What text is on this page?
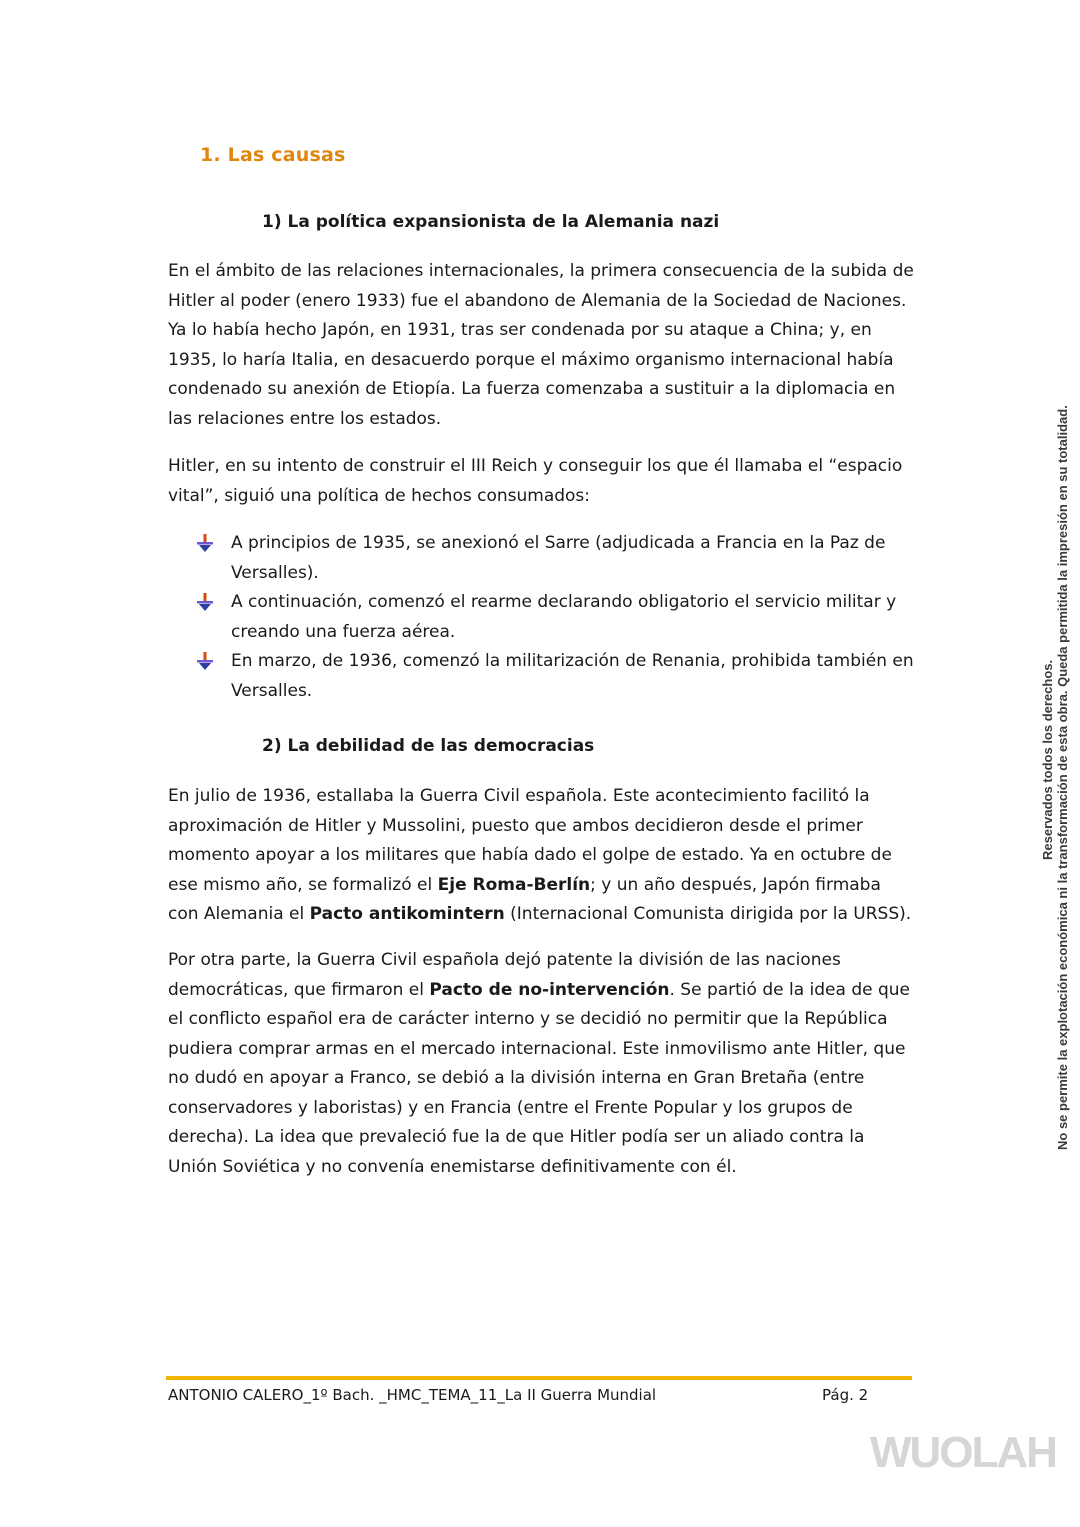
1. Las causas
1) La política expansionista de la Alemania nazi
En el ámbito de las relaciones internacionales, la primera consecuencia de la subida de Hitler al poder (enero 1933) fue el abandono de Alemania de la Sociedad de Naciones. Ya lo había hecho Japón, en 1931, tras ser condenada por su ataque a China; y, en 1935, lo haría Italia, en desacuerdo porque el máximo organismo internacional había condenado su anexión de Etiopía. La fuerza comenzaba a sustituir a la diplomacia en las relaciones entre los estados.
Hitler, en su intento de construir el III Reich y conseguir los que él llamaba el “espacio vital”, siguió una política de hechos consumados:
A principios de 1935, se anexionó el Sarre (adjudicada a Francia en la Paz de Versalles).
A continuación, comenzó el rearme declarando obligatorio el servicio militar y creando una fuerza aérea.
En marzo, de 1936, comenzó la militarización de Renania, prohibida también en Versalles.
2) La debilidad de las democracias
En julio de 1936, estallaba la Guerra Civil española. Este acontecimiento facilitó la aproximación de Hitler y Mussolini, puesto que ambos decidieron desde el primer momento apoyar a los militares que había dado el golpe de estado. Ya en octubre de ese mismo año, se formalizó el Eje Roma-Berlín; y un año después, Japón firmaba con Alemania el Pacto antikomintern (Internacional Comunista dirigida por la URSS).
Por otra parte, la Guerra Civil española dejó patente la división de las naciones democráticas, que firmaron el Pacto de no-intervención. Se partió de la idea de que el conflicto español era de carácter interno y se decidió no permitir que la República pudiera comprar armas en el mercado internacional. Este inmovilismo ante Hitler, que no dudó en apoyar a Franco, se debió a la división interna en Gran Bretaña (entre conservadores y laboristas) y en Francia (entre el Frente Popular y los grupos de derecha). La idea que prevaleció fue la de que Hitler podía ser un aliado contra la Unión Soviética y no convenía enemistarse definitivamente con él.
ANTONIO CALERO_1º Bach. _HMC_TEMA_11_La II Guerra Mundial	Pág. 2
Reservados todos los derechos. No se permite la explotación económica ni la transformación de esta obra. Queda permitida la impresión en su totalidad.
WUOLAH
